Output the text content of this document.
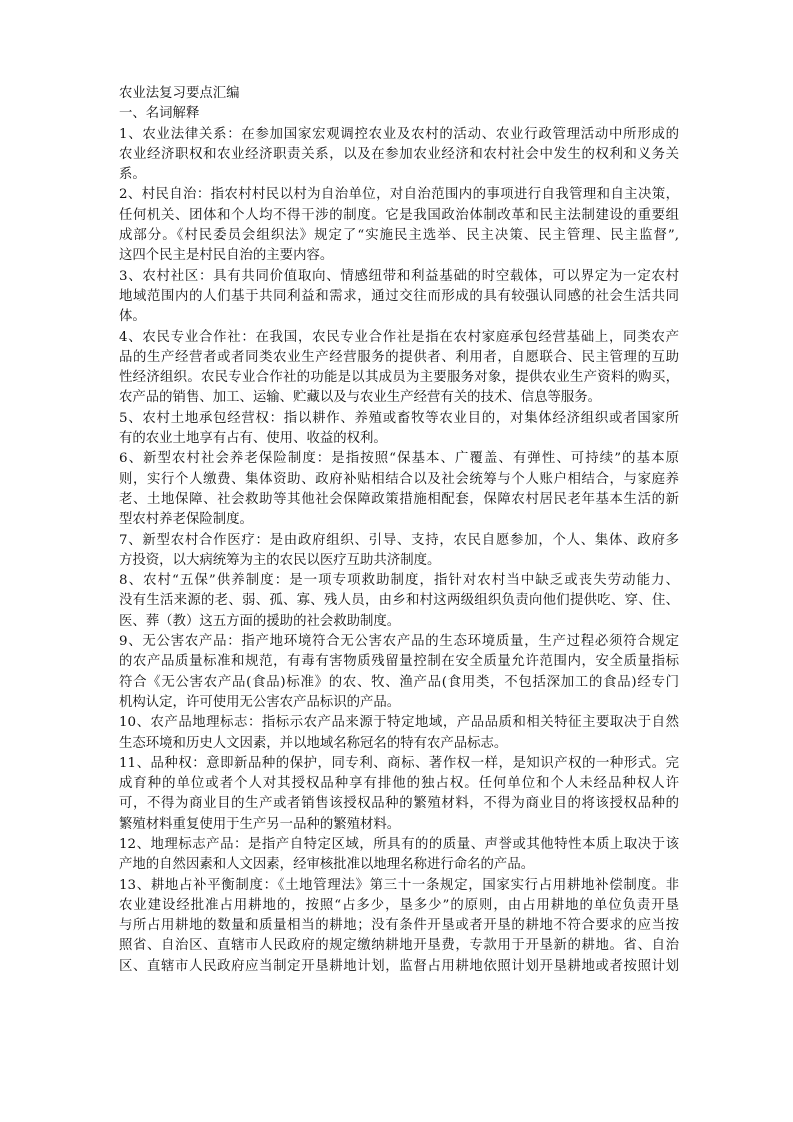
农业法复习要点汇编
一、名词解释
1、农业法律关系：在参加国家宏观调控农业及农村的活动、农业行政管理活动中所形成的
农业经济职权和农业经济职责关系，以及在参加农业经济和农村社会中发生的权利和义务关
系。
2、村民自治：指农村村民以村为自治单位，对自治范围内的事项进行自我管理和自主决策，
任何机关、团体和个人均不得干涉的制度。它是我国政治体制改革和民主法制建设的重要组
成部分。《村民委员会组织法》规定了“实施民主选举、民主决策、民主管理、民主监督”,
这四个民主是村民自治的主要内容。
3、农村社区：具有共同价值取向、情感纽带和利益基础的时空载体，可以界定为一定农村
地域范围内的人们基于共同利益和需求，通过交往而形成的具有较强认同感的社会生活共同
体。
4、农民专业合作社：在我国，农民专业合作社是指在农村家庭承包经营基础上，同类农产
品的生产经营者或者同类农业生产经营服务的提供者、利用者，自愿联合、民主管理的互助
性经济组织。农民专业合作社的功能是以其成员为主要服务对象，提供农业生产资料的购买，
农产品的销售、加工、运输、贮藏以及与农业生产经营有关的技术、信息等服务。
5、农村土地承包经营权：指以耕作、养殖或畜牧等农业目的，对集体经济组织或者国家所
有的农业土地享有占有、使用、收益的权利。
6、新型农村社会养老保险制度：是指按照“保基本、广覆盖、有弹性、可持续”的基本原
则，实行个人缴费、集体资助、政府补贴相结合以及社会统筹与个人账户相结合，与家庭养
老、土地保障、社会救助等其他社会保障政策措施相配套，保障农村居民老年基本生活的新
型农村养老保险制度。
7、新型农村合作医疗：是由政府组织、引导、支持，农民自愿参加，个人、集体、政府多
方投资，以大病统筹为主的农民以医疗互助共济制度。
8、农村“五保”供养制度：是一项专项救助制度，指针对农村当中缺乏或丧失劳动能力、
没有生活来源的老、弱、孤、寡、残人员，由乡和村这两级组织负责向他们提供吃、穿、住、
医、葬（教）这五方面的援助的社会救助制度。
9、无公害农产品：指产地环境符合无公害农产品的生态环境质量，生产过程必须符合规定
的农产品质量标准和规范，有毒有害物质残留量控制在安全质量允许范围内，安全质量指标
符合《无公害农产品(食品)标准》的农、牧、渔产品(食用类，不包括深加工的食品)经专门
机构认定，许可使用无公害农产品标识的产品。
10、农产品地理标志：指标示农产品来源于特定地域，产品品质和相关特征主要取决于自然
生态环境和历史人文因素，并以地域名称冠名的特有农产品标志。
11、品种权：意即新品种的保护，同专利、商标、著作权一样，是知识产权的一种形式。完
成育种的单位或者个人对其授权品种享有排他的独占权。任何单位和个人未经品种权人许
可，不得为商业目的生产或者销售该授权品种的繁殖材料，不得为商业目的将该授权品种的
繁殖材料重复使用于生产另一品种的繁殖材料。
12、地理标志产品：是指产自特定区域，所具有的的质量、声誉或其他特性本质上取决于该
产地的自然因素和人文因素，经审核批准以地理名称进行命名的产品。
13、耕地占补平衡制度：《土地管理法》第三十一条规定，国家实行占用耕地补偿制度。非
农业建设经批准占用耕地的，按照“占多少，垦多少”的原则，由占用耕地的单位负责开垦
与所占用耕地的数量和质量相当的耕地；没有条件开垦或者开垦的耕地不符合要求的应当按
照省、自治区、直辖市人民政府的规定缴纳耕地开垦费，专款用于开垦新的耕地。省、自治
区、直辖市人民政府应当制定开垦耕地计划，监督占用耕地依照计划开垦耕地或者按照计划
